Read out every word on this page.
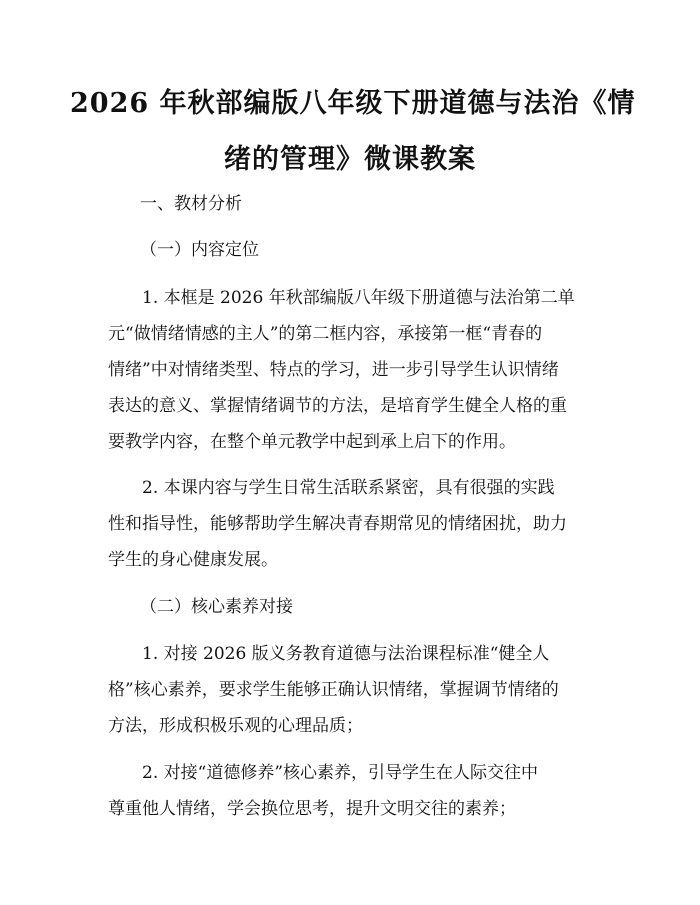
2026 年秋部编版八年级下册道德与法治《情
绪的管理》微课教案
一、教材分析
（一）内容定位
1. 本框是 2026 年秋部编版八年级下册道德与法治第二单
元“做情绪情感的主人”的第二框内容，承接第一框“青春的
情绪”中对情绪类型、特点的学习，进一步引导学生认识情绪
表达的意义、掌握情绪调节的方法，是培育学生健全人格的重
要教学内容，在整个单元教学中起到承上启下的作用。
2. 本课内容与学生日常生活联系紧密，具有很强的实践
性和指导性，能够帮助学生解决青春期常见的情绪困扰，助力
学生的身心健康发展。
（二）核心素养对接
1. 对接 2026 版义务教育道德与法治课程标准“健全人
格”核心素养，要求学生能够正确认识情绪，掌握调节情绪的
方法，形成积极乐观的心理品质；
2. 对接“道德修养”核心素养，引导学生在人际交往中
尊重他人情绪，学会换位思考，提升文明交往的素养；
